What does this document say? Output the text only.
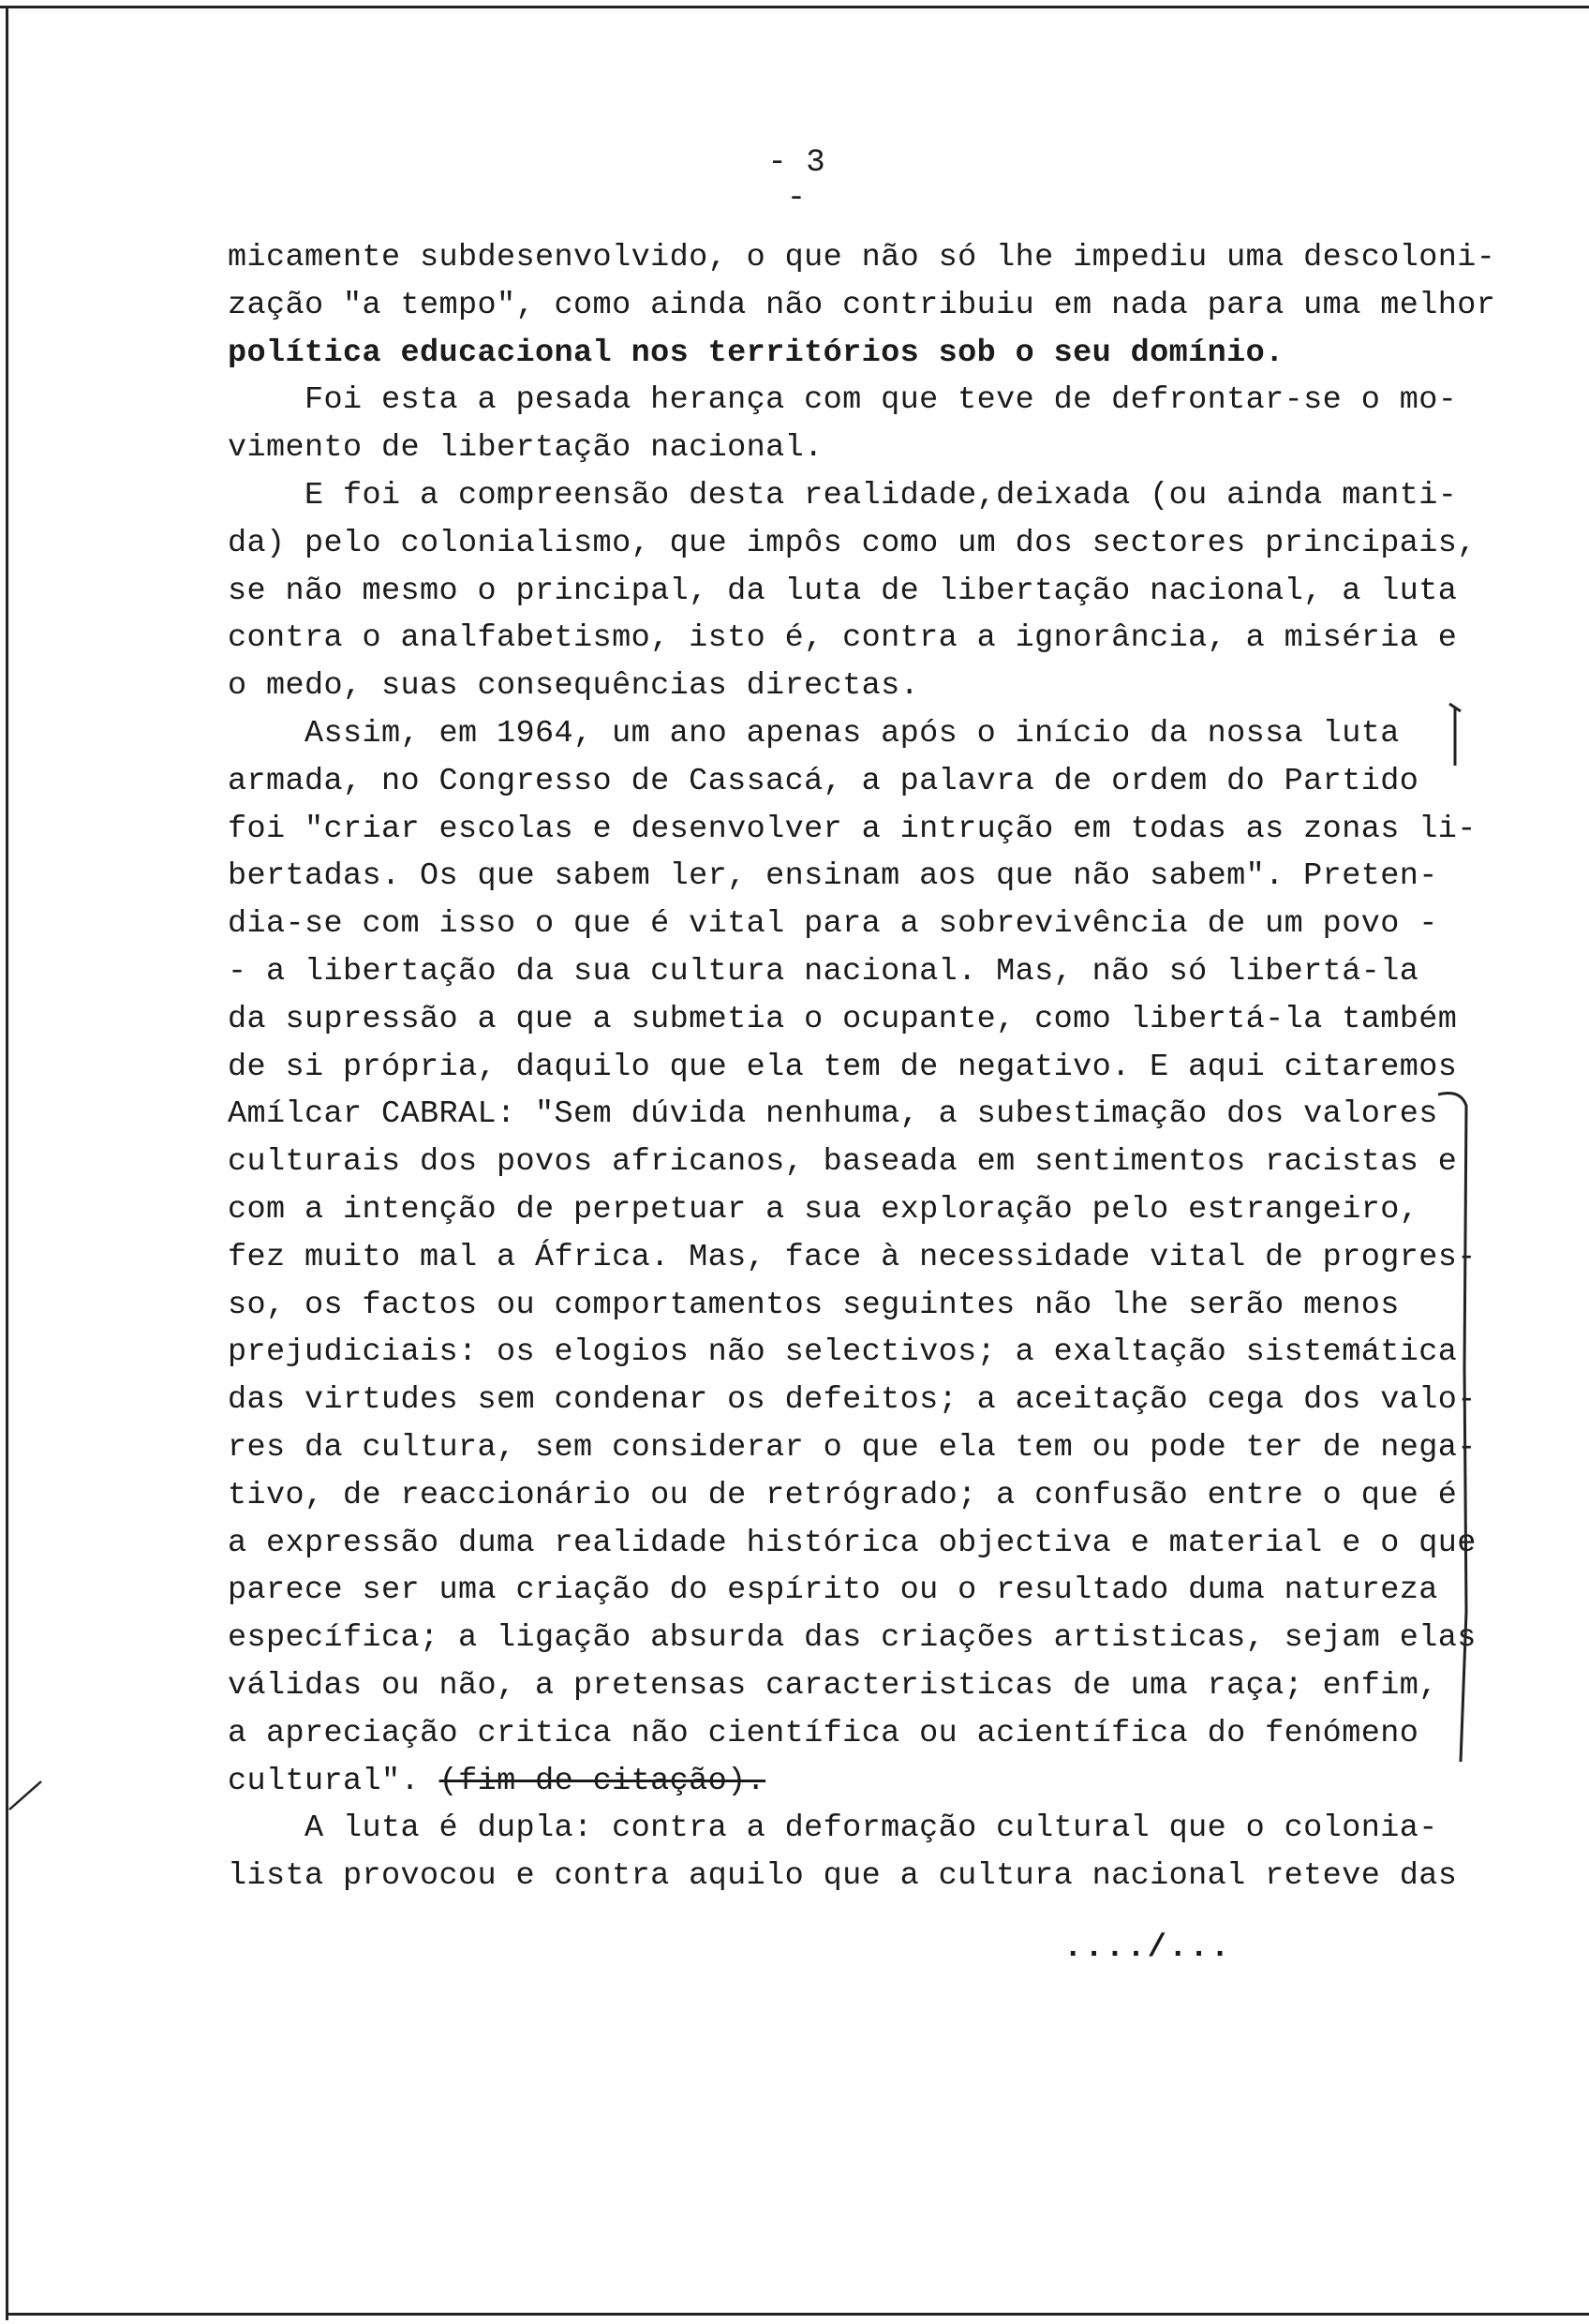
- 3 -
micamente subdesenvolvido, o que não só lhe impediu uma descoloni-
zação "a tempo", como ainda não contribuiu em nada para uma melhor
política educacional nos territórios sob o seu domínio.
Foi esta a pesada herança com que teve de defrontar-se o mo-
vimento de libertação nacional.
E foi a compreensão desta realidade,deixada (ou ainda manti-
da) pelo colonialismo, que impôs como um dos sectores principais,
se não mesmo o principal, da luta de libertação nacional, a luta
contra o analfabetismo, isto é, contra a ignorância, a miséria e
o medo, suas consequências directas.
Assim, em 1964, um ano apenas após o início da nossa luta
armada, no Congresso de Cassacá, a palavra de ordem do Partido
foi "criar escolas e desenvolver a intrução em todas as zonas li-
bertadas. Os que sabem ler, ensinam aos que não sabem". Preten-
dia-se com isso o que é vital para a sobrevivência de um povo -
- a libertação da sua cultura nacional. Mas, não só libertá-la
da supressão a que a submetia o ocupante, como libertá-la também
de si própria, daquilo que ela tem de negativo. E aqui citaremos
Amílcar CABRAL: "Sem dúvida nenhuma, a subestimação dos valores
culturais dos povos africanos, baseada em sentimentos racistas e
com a intenção de perpetuar a sua exploração pelo estrangeiro,
fez muito mal a África. Mas, face à necessidade vital de progres-
so, os factos ou comportamentos seguintes não lhe serão menos
prejudiciais: os elogios não selectivos; a exaltação sistemática
das virtudes sem condenar os defeitos; a aceitação cega dos valo-
res da cultura, sem considerar o que ela tem ou pode ter de nega-
tivo, de reaccionário ou de retrógrado; a confusão entre o que é
a expressão duma realidade histórica objectiva e material e o que
parece ser uma criação do espírito ou o resultado duma natureza
específica; a ligação absurda das criações artisticas, sejam elas
válidas ou não, a pretensas caracteristicas de uma raça; enfim,
a apreciação critica não científica ou acientífica do fenómeno
cultural". (fim de citação).
A luta é dupla: contra a deformação cultural que o colonia-
lista provocou e contra aquilo que a cultura nacional reteve das
..../...
